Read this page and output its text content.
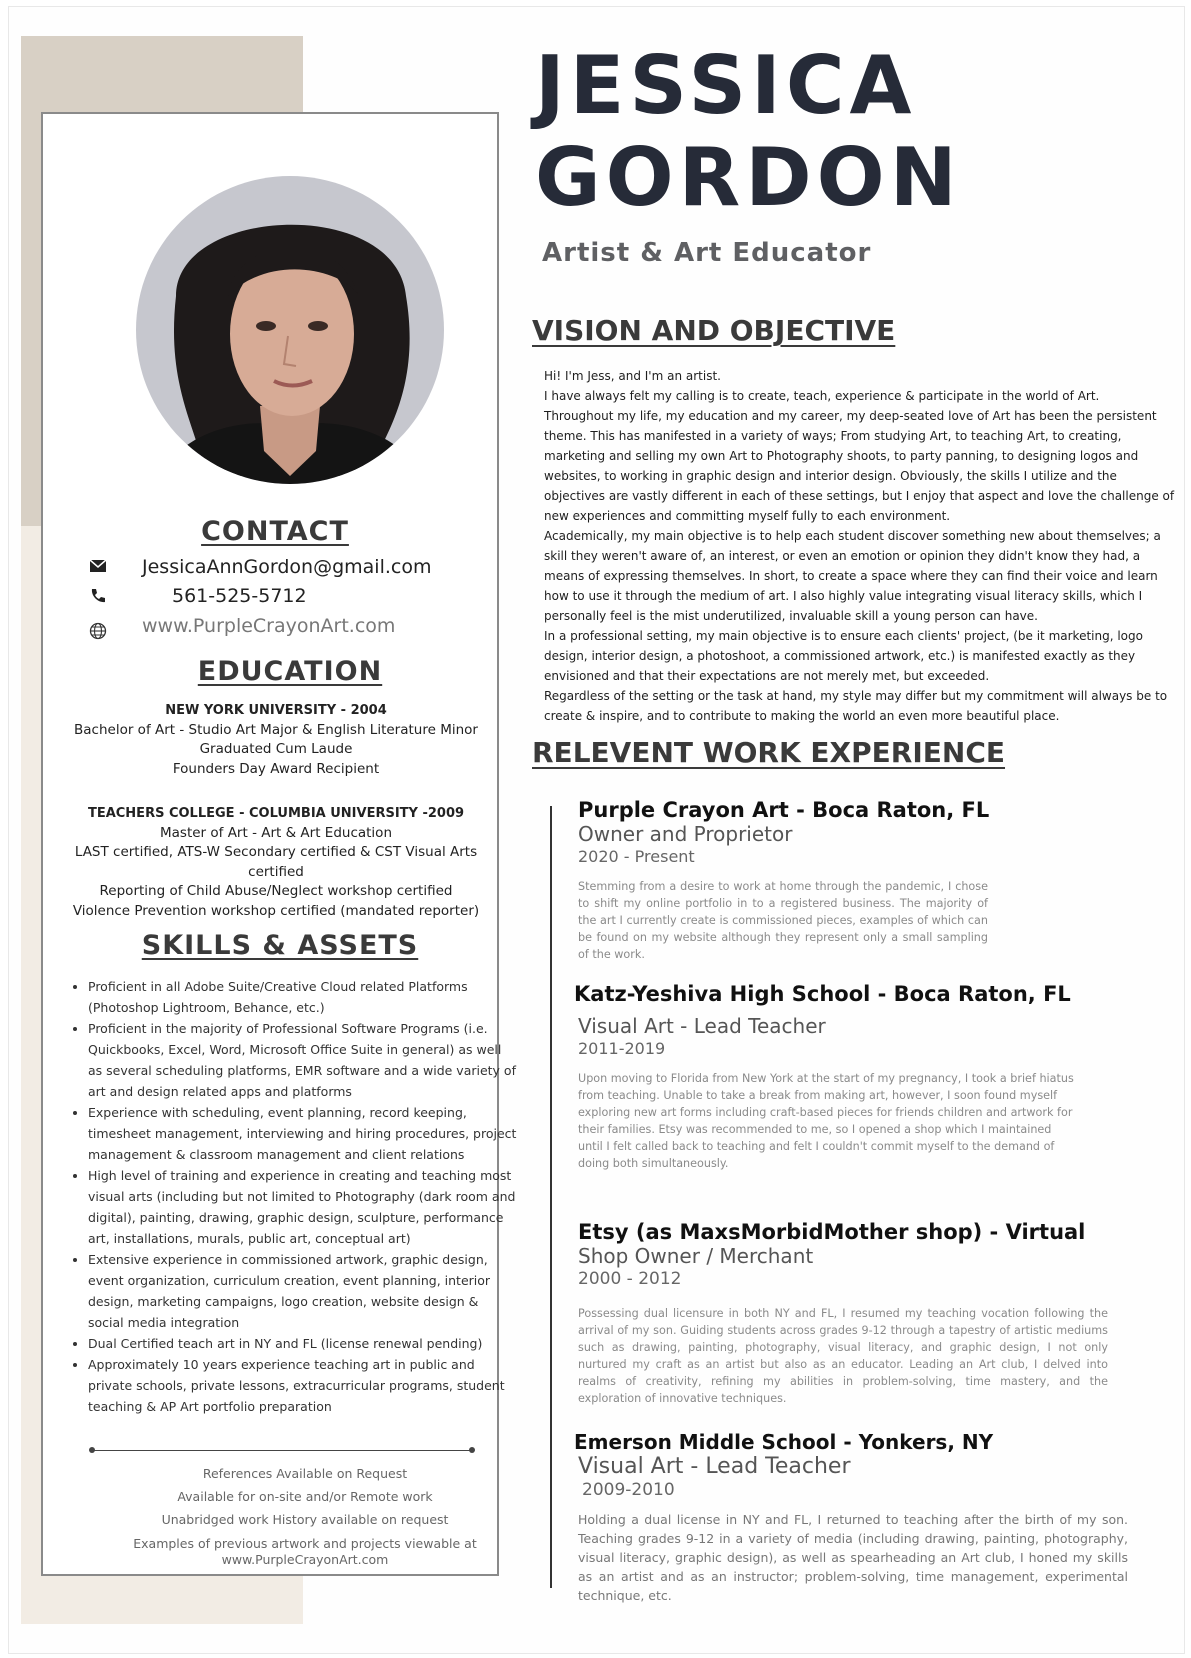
CONTACT
JessicaAnnGordon@gmail.com
561-525-5712
www.PurpleCrayonArt.com
EDUCATION
NEW YORK UNIVERSITY - 2004
Bachelor of Art - Studio Art Major & English Literature Minor
Graduated Cum Laude
Founders Day Award Recipient
TEACHERS COLLEGE - COLUMBIA UNIVERSITY -2009
Master of Art - Art & Art Education
LAST certified, ATS-W Secondary certified & CST Visual Arts certified
Reporting of Child Abuse/Neglect workshop certified
Violence Prevention workshop certified (mandated reporter)
SKILLS & ASSETS
• Proficient in all Adobe Suite/Creative Cloud related Platforms (Photoshop Lightroom, Behance, etc.)
• Proficient in the majority of Professional Software Programs (i.e. Quickbooks, Excel, Word, Microsoft Office Suite in general) as well as several scheduling platforms, EMR software and a wide variety of art and design related apps and platforms
• Experience with scheduling, event planning, record keeping, timesheet management, interviewing and hiring procedures, project management & classroom management and client relations
• High level of training and experience in creating and teaching most visual arts (including but not limited to Photography (dark room and digital), painting, drawing, graphic design, sculpture, performance art, installations, murals, public art, conceptual art)
• Extensive experience in commissioned artwork, graphic design, event organization, curriculum creation, event planning, interior design, marketing campaigns, logo creation, website design & social media integration
• Dual Certified teach art in NY and FL (license renewal pending)
• Approximately 10 years experience teaching art in public and private schools, private lessons, extracurricular programs, student teaching & AP Art portfolio preparation
References Available on Request
Available for on-site and/or Remote work
Unabridged work History available on request
Examples of previous artwork and projects viewable at www.PurpleCrayonArt.com
JESSICA
GORDON
Artist & Art Educator
VISION AND OBJECTIVE

Hi! I'm Jess, and I'm an artist.

I have always felt my calling is to create, teach, experience & participate in the world of Art.

Throughout my life, my education and my career, my deep-seated love of Art has been the persistent theme. This has manifested in a variety of ways; From studying Art, to teaching Art, to creating, marketing and selling my own Art to Photography shoots, to party panning, to designing logos and websites, to working in graphic design and interior design. Obviously, the skills I utilize and the objectives are vastly different in each of these settings, but I enjoy that aspect and love the challenge of new experiences and committing myself fully to each environment.

Academically, my main objective is to help each student discover something new about themselves; a skill they weren't aware of, an interest, or even an emotion or opinion they didn't know they had, a means of expressing themselves. In short, to create a space where they can find their voice and learn how to use it through the medium of art. I also highly value integrating visual literacy skills, which I personally feel is the mist underutilized, invaluable skill a young person can have.

In a professional setting, my main objective is to ensure each clients' project, (be it marketing, logo design, interior design, a photoshoot, a commissioned artwork, etc.) is manifested exactly as they envisioned and that their expectations are not merely met, but exceeded.

Regardless of the setting or the task at hand, my style may differ but my commitment will always be to create & inspire, and to contribute to making the world an even more beautiful place.

RELEVENT WORK EXPERIENCE
Purple Crayon Art - Boca Raton, FL
Owner and Proprietor
2020 - Present
Stemming from a desire to work at home through the pandemic, I chose to shift my online portfolio in to a registered business. The majority of the art I currently create is commissioned pieces, examples of which can be found on my website although they represent only a small sampling of the work.
Katz-Yeshiva High School - Boca Raton, FL
Visual Art - Lead Teacher
2011-2019
Upon moving to Florida from New York at the start of my pregnancy, I took a brief hiatus from teaching. Unable to take a break from making art, however, I soon found myself exploring new art forms including craft-based pieces for friends children and artwork for their families. Etsy was recommended to me, so I opened a shop which I maintained until I felt called back to teaching and felt I couldn't commit myself to the demand of doing both simultaneously.
Etsy (as MaxsMorbidMother shop) - Virtual
Shop Owner / Merchant
2000 - 2012
Possessing dual licensure in both NY and FL, I resumed my teaching vocation following the arrival of my son. Guiding students across grades 9-12 through a tapestry of artistic mediums such as drawing, painting, photography, visual literacy, and graphic design, I not only nurtured my craft as an artist but also as an educator. Leading an Art club, I delved into realms of creativity, refining my abilities in problem-solving, time mastery, and the exploration of innovative techniques.
Emerson Middle School - Yonkers, NY
Visual Art - Lead Teacher
2009-2010
Holding a dual license in NY and FL, I returned to teaching after the birth of my son. Teaching grades 9-12 in a variety of media (including drawing, painting, photography, visual literacy, graphic design), as well as spearheading an Art club, I honed my skills as an artist and as an instructor; problem-solving, time management, experimental technique, etc.
